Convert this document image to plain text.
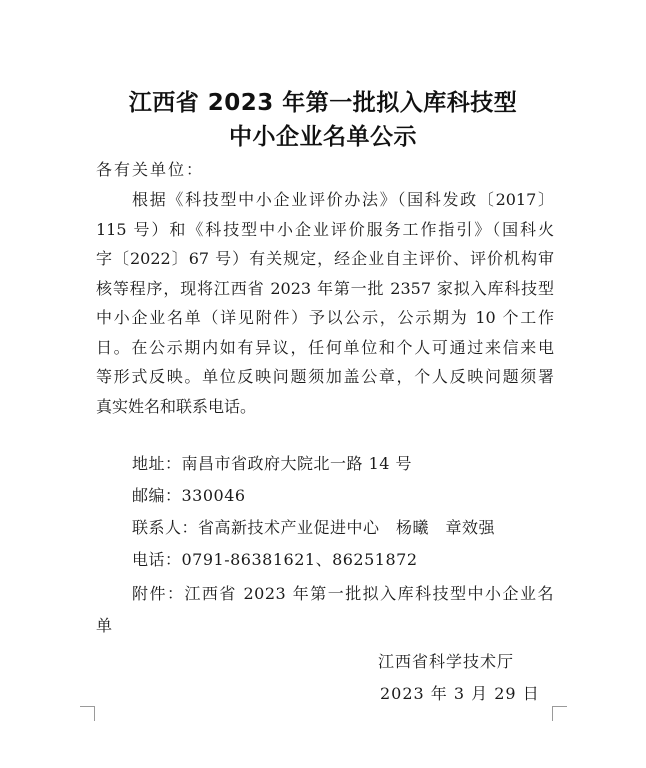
江西省 2023 年第一批拟入库科技型
中小企业名单公示
各有关单位：
根据《科技型中小企业评价办法》（国科发政〔2017〕
115 号）和《科技型中小企业评价服务工作指引》（国科火
字〔2022〕67 号）有关规定，经企业自主评价、评价机构审
核等程序，现将江西省 2023 年第一批 2357 家拟入库科技型
中小企业名单（详见附件）予以公示，公示期为 10 个工作
日。在公示期内如有异议，任何单位和个人可通过来信来电
等形式反映。单位反映问题须加盖公章，个人反映问题须署
真实姓名和联系电话。
地址：南昌市省政府大院北一路 14 号
邮编：330046
联系人：省高新技术产业促进中心　杨曦　章效强
电话：0791-86381621、86251872
附件：江西省 2023 年第一批拟入库科技型中小企业名
单
江西省科学技术厅
2023 年 3 月 29 日
